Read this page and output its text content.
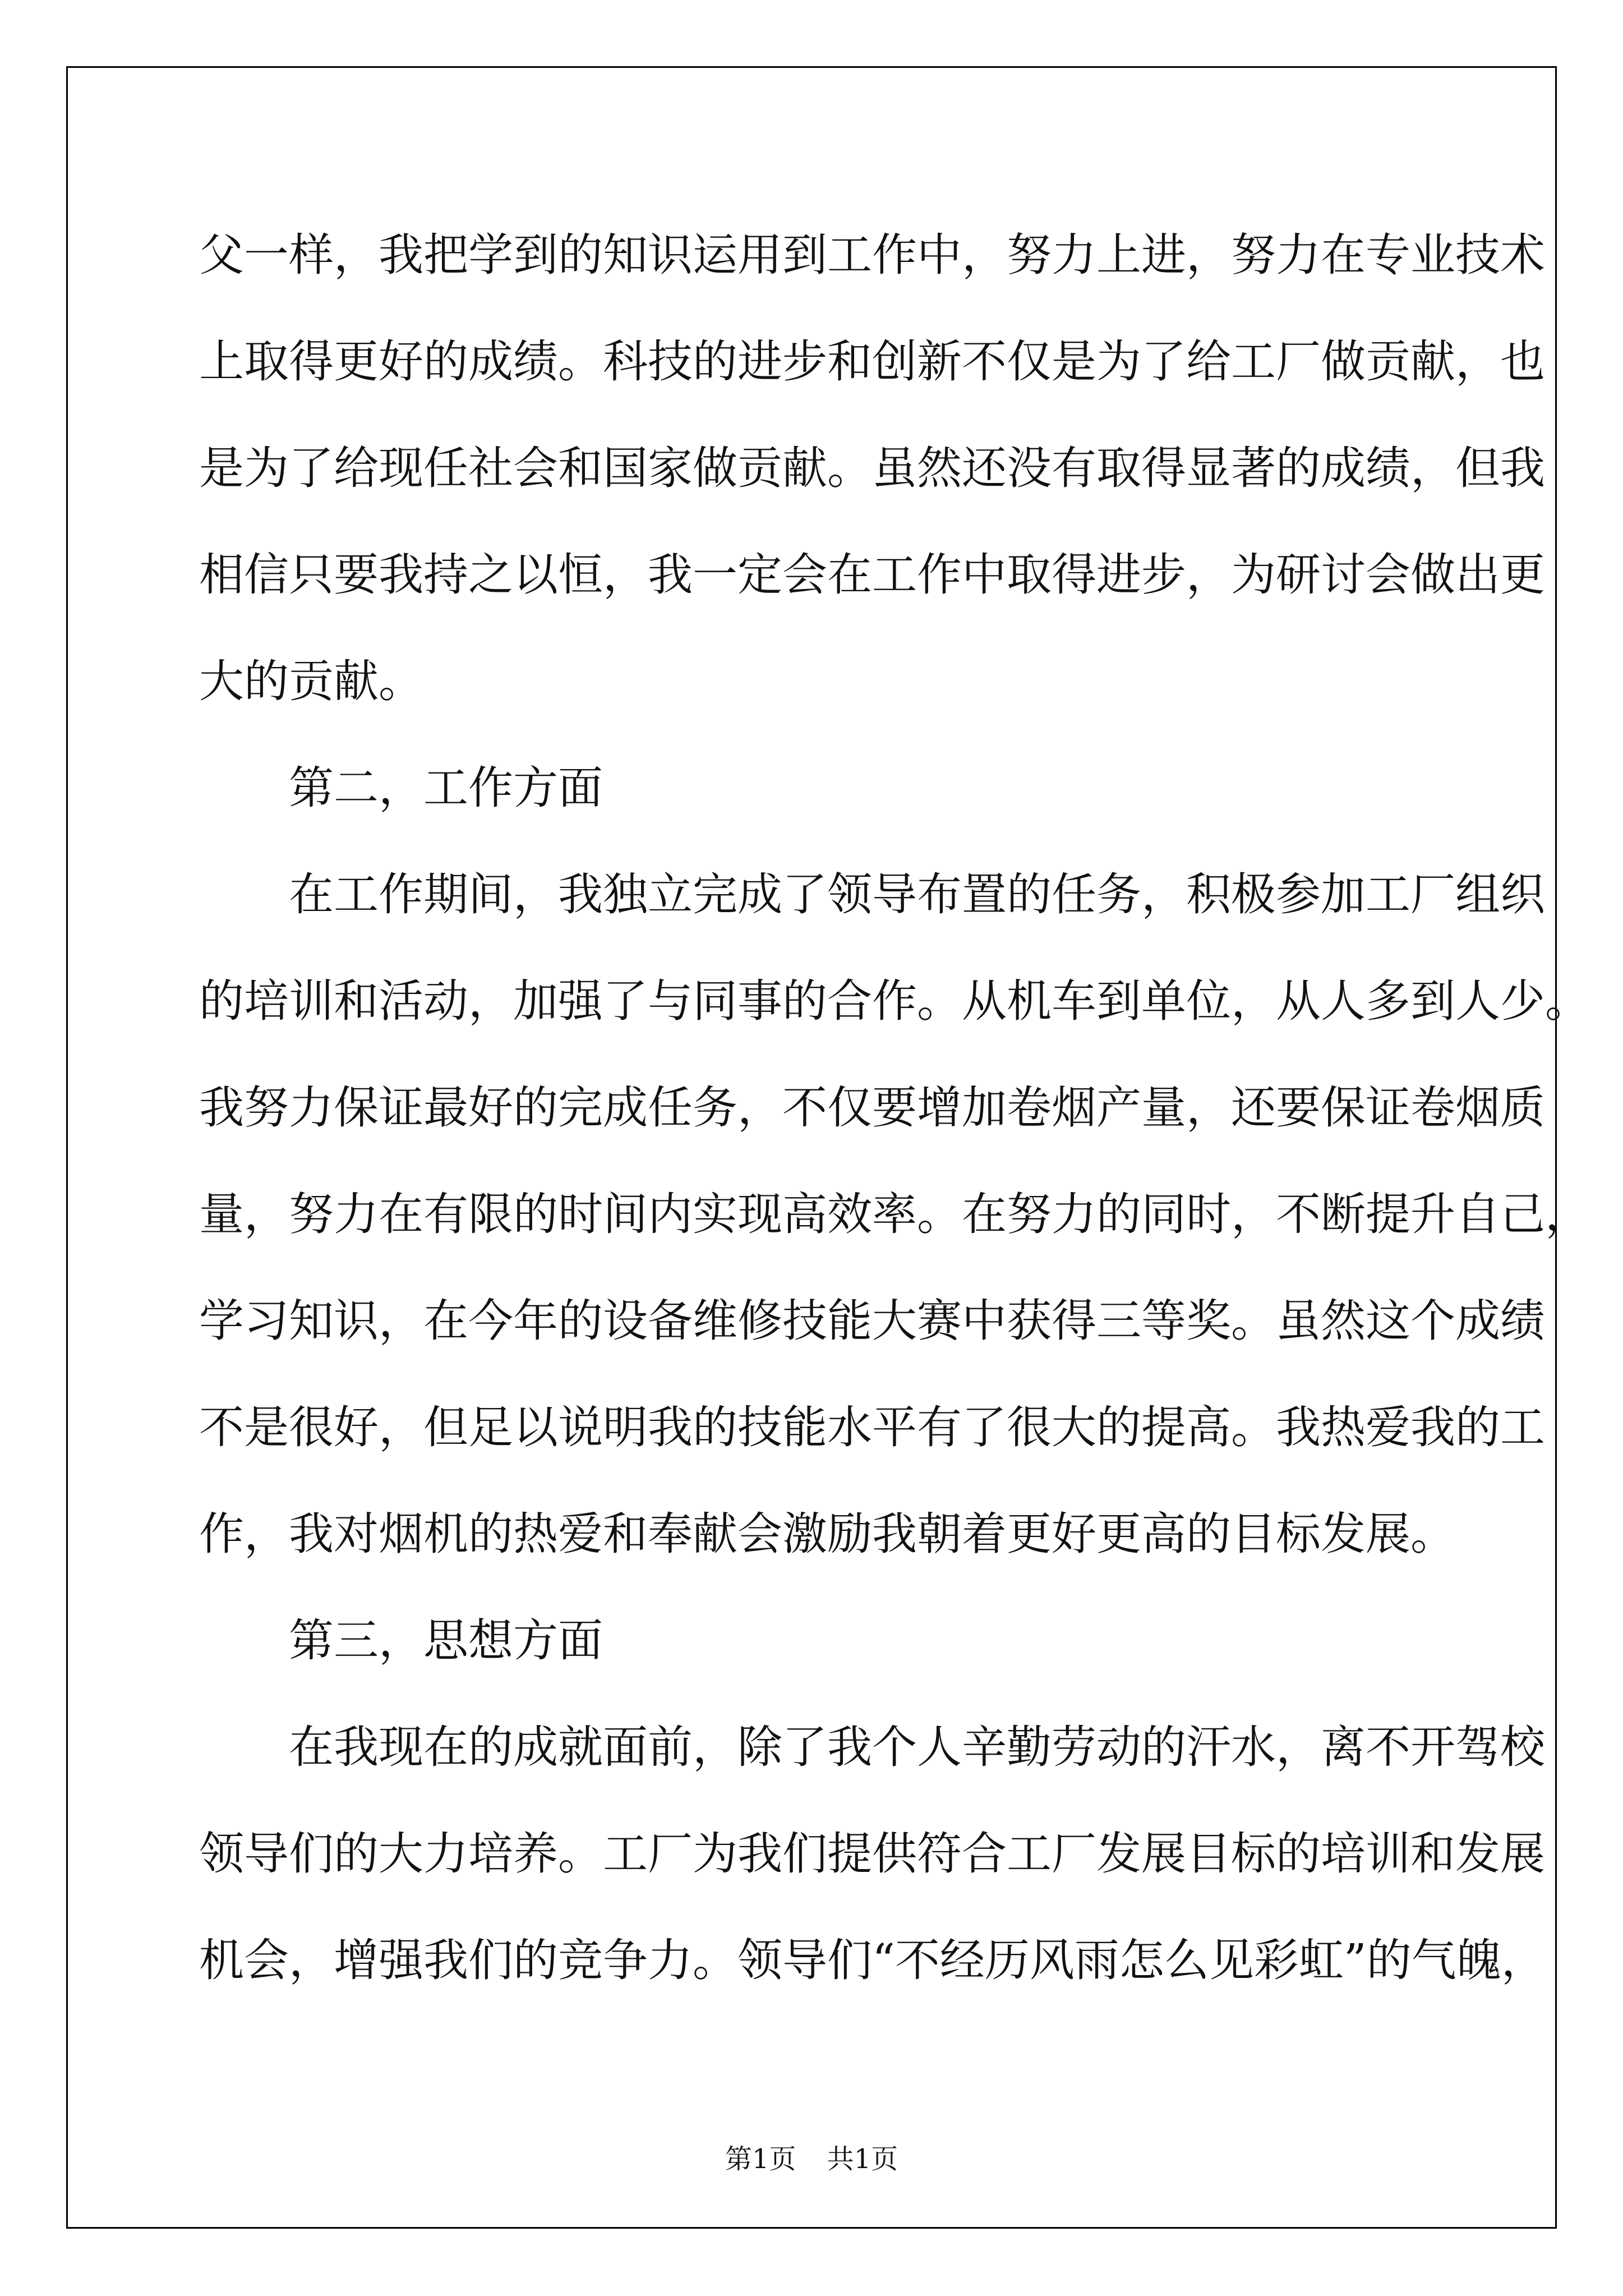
父一样，我把学到的知识运用到工作中，努力上进，努力在专业技术

上取得更好的成绩。科技的进步和创新不仅是为了给工厂做贡献，也

是为了给现任社会和国家做贡献。虽然还没有取得显著的成绩，但我

相信只要我持之以恒，我一定会在工作中取得进步，为研讨会做出更

大的贡献。

第二，工作方面

在工作期间，我独立完成了领导布置的任务，积极参加工厂组织

的培训和活动，加强了与同事的合作。从机车到单位，从人多到人少。

我努力保证最好的完成任务，不仅要增加卷烟产量，还要保证卷烟质

量，努力在有限的时间内实现高效率。在努力的同时，不断提升自己，

学习知识，在今年的设备维修技能大赛中获得三等奖。虽然这个成绩

不是很好，但足以说明我的技能水平有了很大的提高。我热爱我的工

作，我对烟机的热爱和奉献会激励我朝着更好更高的目标发展。

第三，思想方面

在我现在的成就面前，除了我个人辛勤劳动的汗水，离不开驾校

领导们的大力培养。工厂为我们提供符合工厂发展目标的培训和发展

机会，增强我们的竞争力。领导们“不经历风雨怎么见彩虹”的气魄，

第1页 共1页
